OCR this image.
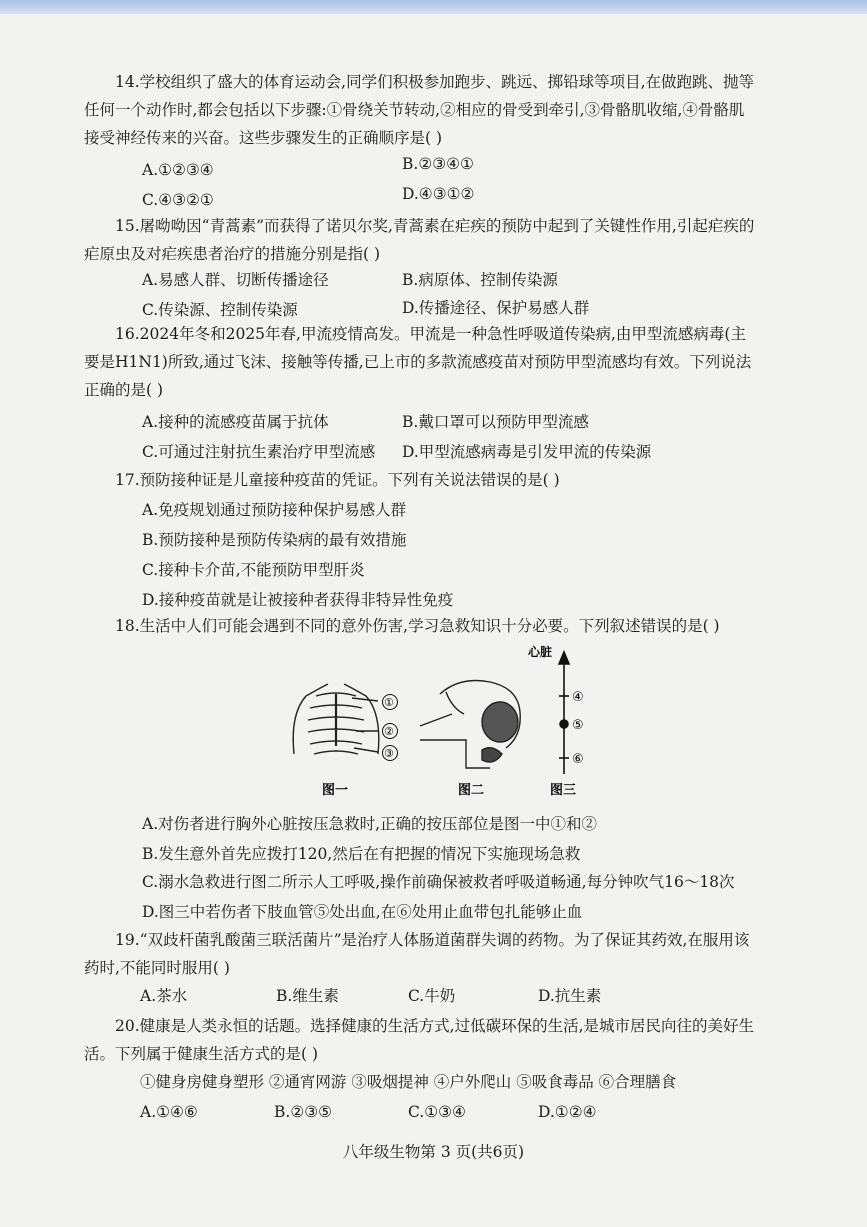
14.学校组织了盛大的体育运动会,同学们积极参加跑步、跳远、掷铅球等项目,在做跑跳、抛等任何一个动作时,都会包括以下步骤:①骨绕关节转动,②相应的骨受到牵引,③骨骼肌收缩,④骨骼肌接受神经传来的兴奋。这些步骤发生的正确顺序是( )

A.①②③④	B.②③④①
C.④③②①	D.④③①②

15.屠呦呦因“青蒿素”而获得了诺贝尔奖,青蒿素在疟疾的预防中起到了关键性作用,引起疟疾的疟原虫及对疟疾患者治疗的措施分别是指( )

A.易感人群、切断传播途径	B.病原体、控制传染源
C.传染源、控制传染源	D.传播途径、保护易感人群

16.2024年冬和2025年春,甲流疫情高发。甲流是一种急性呼吸道传染病,由甲型流感病毒(主要是H1N1)所致,通过飞沫、接触等传播,已上市的多款流感疫苗对预防甲型流感均有效。下列说法正确的是( )

A.接种的流感疫苗属于抗体	B.戴口罩可以预防甲型流感
C.可通过注射抗生素治疗甲型流感 D.甲型流感病毒是引发甲流的传染源

17.预防接种证是儿童接种疫苗的凭证。下列有关说法错误的是( )

A.免疫规划通过预防接种保护易感人群
B.预防接种是预防传染病的最有效措施
C.接种卡介苗,不能预防甲型肝炎
D.接种疫苗就是让被接种者获得非特异性免疫

18.生活中人们可能会遇到不同的意外伤害,学习急救知识十分必要。下列叙述错误的是( )

①
②
③
图一	图二
心脏
④
⑤
⑥
图三
A.对伤者进行胸外心脏按压急救时,正确的按压部位是图一中①和②
B.发生意外首先应拨打120,然后在有把握的情况下实施现场急救
C.溺水急救进行图二所示人工呼吸,操作前确保被救者呼吸道畅通,每分钟吹气16～18次
D.图三中若伤者下肢血管⑤处出血,在⑥处用止血带包扎能够止血

19.“双歧杆菌乳酸菌三联活菌片”是治疗人体肠道菌群失调的药物。为了保证其药效,在服用该药时,不能同时服用( )

A.茶水	B.维生素	C.牛奶	D.抗生素

20.健康是人类永恒的话题。选择健康的生活方式,过低碳环保的生活,是城市居民向往的美好生活。下列属于健康生活方式的是( )

①健身房健身塑形 ②通宵网游 ③吸烟提神 ④户外爬山 ⑤吸食毒品 ⑥合理膳食
A.①④⑥	B.②③⑤	C.①③④	D.①②④
八年级生物第 3 页(共6页)
